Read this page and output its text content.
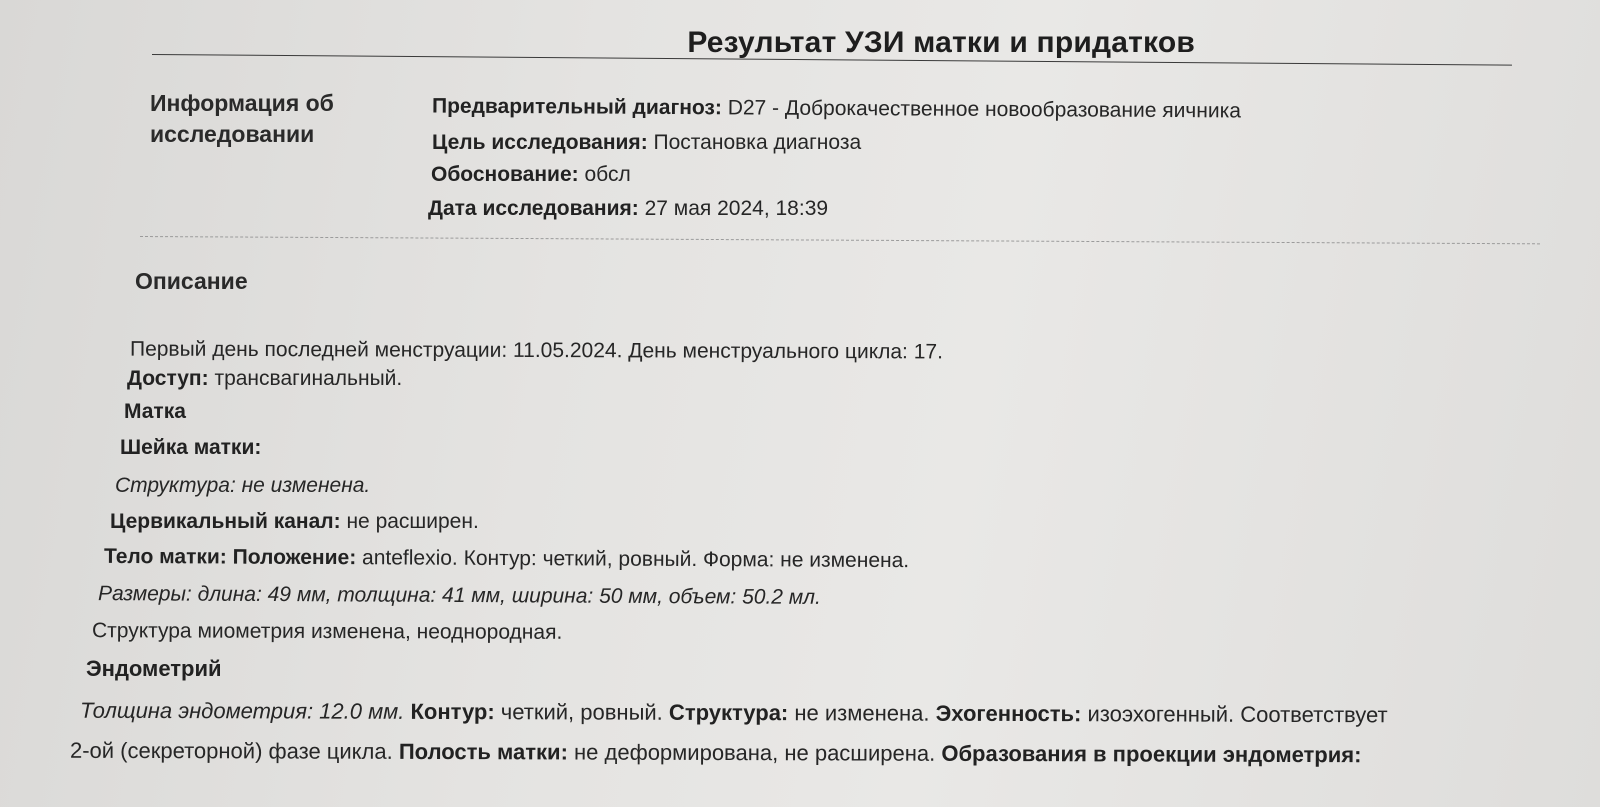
Результат УЗИ матки и придатков
Информация об исследовании
Предварительный диагноз: D27 - Доброкачественное новообразование яичника
Цель исследования: Постановка диагноза
Обоснование: обсл
Дата исследования: 27 мая 2024, 18:39
Описание
Первый день последней менструации: 11.05.2024. День менструального цикла: 17.
Доступ: трансвагинальный.
Матка
Шейка матки:
Структура: не изменена.
Цервикальный канал: не расширен.
Тело матки: Положение: anteflexio. Контур: четкий, ровный. Форма: не изменена.
Размеры: длина: 49 мм, толщина: 41 мм, ширина: 50 мм, объем: 50.2 мл.
Структура миометрия изменена, неоднородная.
Эндометрий
Толщина эндометрия: 12.0 мм. Контур: четкий, ровный. Структура: не изменена. Эхогенность: изоэхогенный. Соответствует
2-ой (секреторной) фазе цикла. Полость матки: не деформирована, не расширена. Образования в проекции эндометрия:
